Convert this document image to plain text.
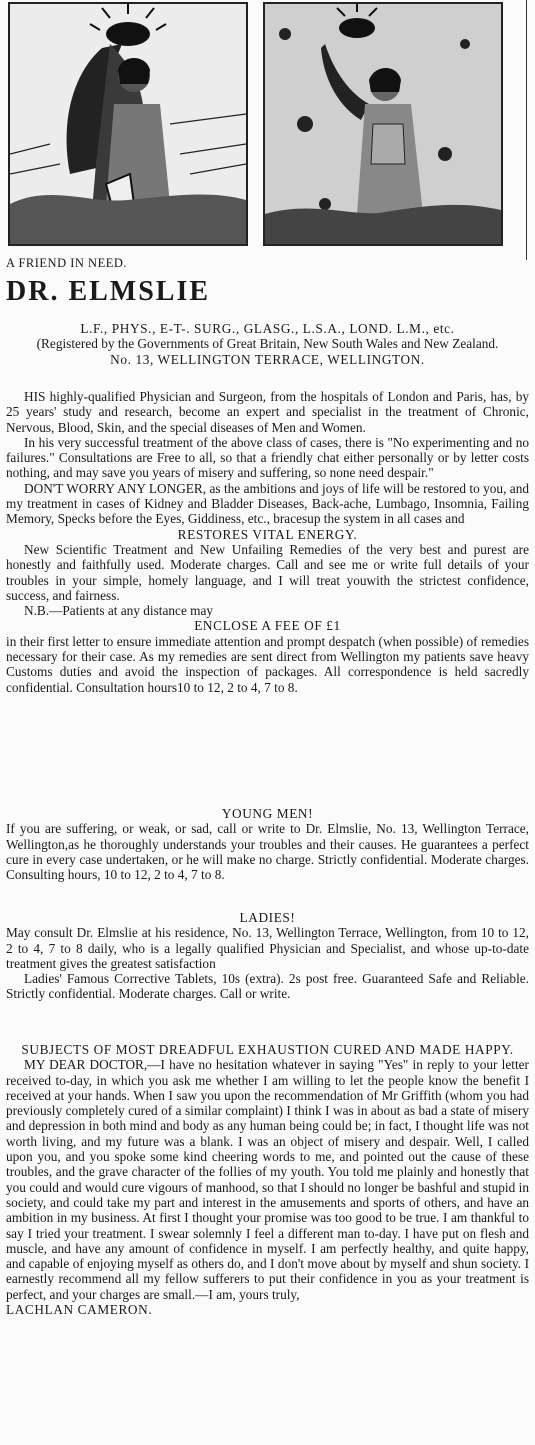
A FRIEND IN NEED.

DR. ELMSLIE

L.F., PHYS., E-T-. SURG., GLASG., L.S.A., LOND. L.M., etc.

(Registered by the Governments of Great Britain, New South Wales and New Zealand.

No. 13, WELLINGTON TERRACE, WELLINGTON.

HIS highly-qualified Physician and Surgeon, from the hospitals of London and Paris, has, by 25 years' study and research, become an expert and specialist in the treatment of Chronic, Nervous, Blood, Skin, and the special diseases of Men and Women.

In his very successful treatment of the above class of cases, there is "No experimenting and no failures." Consultations are Free to all, so that a friendly chat either personally or by letter costs nothing, and may save you years of misery and suffering, so none need despair."

DON'T WORRY ANY LONGER, as the ambitions and joys of life will be restored to you, and my treatment in cases of Kidney and Bladder Diseases, Back-ache, Lumbago, Insomnia, Failing Memory, Specks before the Eyes, Giddiness, etc., bracesup the system in all cases and

RESTORES VITAL ENERGY.

New Scientific Treatment and New Unfailing Remedies of the very best and purest are honestly and faithfully used. Moderate charges. Call and see me or write full details of your troubles in your simple, homely language, and I will treat youwith the strictest confidence, success, and fairness.

N.B.—Patients at any distance may

ENCLOSE A FEE OF £1

in their first letter to ensure immediate attention and prompt despatch (when possible) of remedies necessary for their case. As my remedies are sent direct from Wellington my patients save heavy Customs duties and avoid the inspection of packages. All correspondence is held sacredly confidential. Consultation hours10 to 12, 2 to 4, 7 to 8.

YOUNG MEN!

If you are suffering, or weak, or sad, call or write to Dr. Elmslie, No. 13, Wellington Terrace, Wellington,as he thoroughly understands your troubles and their causes. He guarantees a perfect cure in every case undertaken, or he will make no charge. Strictly confidential. Moderate charges. Consulting hours, 10 to 12, 2 to 4, 7 to 8.

LADIES!

May consult Dr. Elmslie at his residence, No. 13, Wellington Terrace, Wellington, from 10 to 12, 2 to 4, 7 to 8 daily, who is a legally qualified Physician and Specialist, and whose up-to-date treatment gives the greatest satisfaction

Ladies' Famous Corrective Tablets, 10s (extra). 2s post free. Guaranteed Safe and Reliable. Strictly confidential. Moderate charges. Call or write.

SUBJECTS OF MOST DREADFUL EXHAUSTION CURED AND MADE HAPPY.

MY DEAR DOCTOR,—I have no hesitation whatever in saying "Yes" in reply to your letter received to-day, in which you ask me whether I am willing to let the people know the benefit I received at your hands. When I saw you upon the recommendation of Mr Griffith (whom you had previously completely cured of a similar complaint) I think I was in about as bad a state of misery and depression in both mind and body as any human being could be; in fact, I thought life was not worth living, and my future was a blank. I was an object of misery and despair. Well, I called upon you, and you spoke some kind cheering words to me, and pointed out the cause of these troubles, and the grave character of the follies of my youth. You told me plainly and honestly that you could and would cure vigours of manhood, so that I should no longer be bashful and stupid in society, and could take my part and interest in the amusements and sports of others, and have an ambition in my business. At first I thought your promise was too good to be true. I am thankful to say I tried your treatment. I swear solemnly I feel a different man to-day. I have put on flesh and muscle, and have any amount of confidence in myself. I am perfectly healthy, and quite happy, and capable of enjoying myself as others do, and I don't move about by myself and shun society. I earnestly recommend all my fellow sufferers to put their confidence in you as your treatment is perfect, and your charges are small.—I am, yours truly,

LACHLAN CAMERON.
